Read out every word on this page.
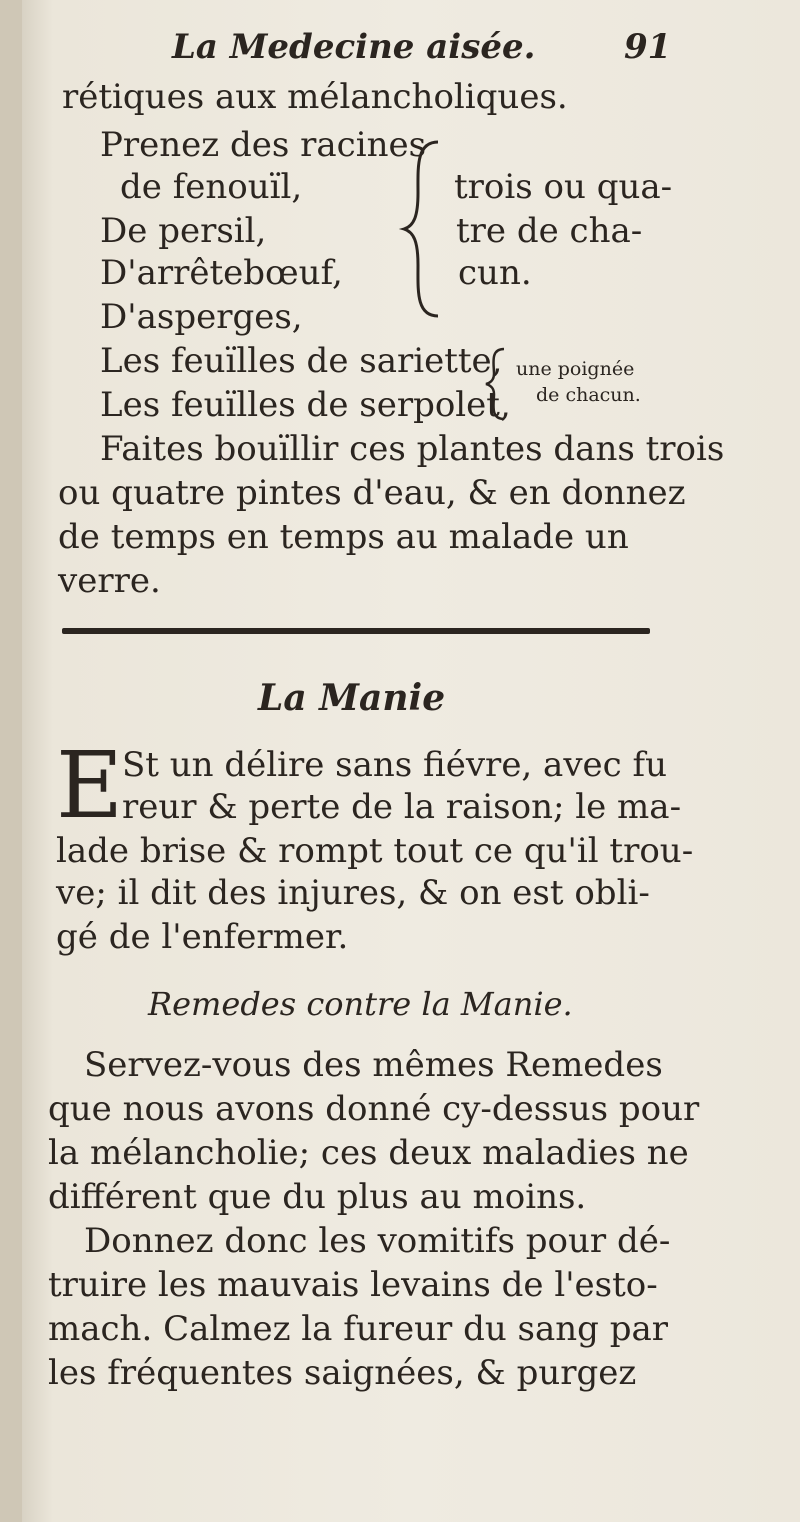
La Medecine aisée.	91
rétiques aux mélancholiques.
Prenez des racines
de fenouïl,
De persil,
D'arrêtebœuf,
D'asperges,
trois ou qua-
tre de cha-
cun.
Les feuïlles de sariette,
Les feuïlles de serpolet,
une poignée
de chacun.
Faites bouïllir ces plantes dans trois
ou quatre pintes d'eau, & en donnez
de temps en temps au malade un
verre.
La Manie
E
St un délire sans fiévre, avec fu
reur & perte de la raison; le ma-
lade brise & rompt tout ce qu'il trou-
ve; il dit des injures, & on est obli-
gé de l'enfermer.
Remedes contre la Manie.
Servez-vous des mêmes Remedes
que nous avons donné cy-dessus pour
la mélancholie; ces deux maladies ne
différent que du plus au moins.
Donnez donc les vomitifs pour dé-
truire les mauvais levains de l'esto-
mach. Calmez la fureur du sang par
les fréquentes saignées, & purgez
